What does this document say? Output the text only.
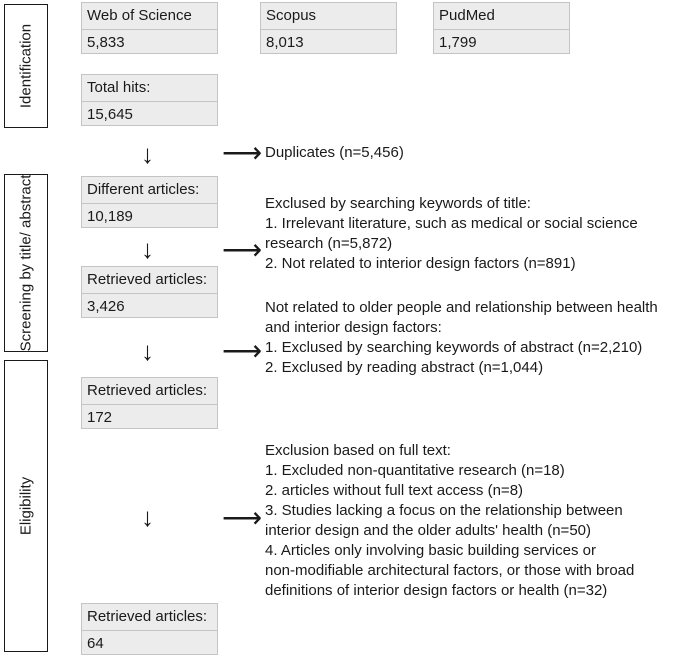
Identification
Screening by title/ abstract
Eligibility
Web of Science
5,833
Scopus
8,013
PudMed
1,799
Total hits:
15,645
↓ ⟶ Duplicates (n=5,456)
Different articles:
10,189
↓ ⟶
Exclused by searching keywords of title:
1. Irrelevant literature, such as medical or social science
research (n=5,872)
2. Not related to interior design factors (n=891)
Retrieved articles:
3,426
↓ ⟶
Not related to older people and relationship between health
and interior design factors:
1. Exclused by searching keywords of abstract (n=2,210)
2. Exclused by reading abstract (n=1,044)
Retrieved articles:
172
↓ ⟶
Exclusion based on full text:
1. Excluded non-quantitative research (n=18)
2. articles without full text access (n=8)
3. Studies lacking a focus on the relationship between
interior design and the older adults' health (n=50)
4. Articles only involving basic building services or
non-modifiable architectural factors, or those with broad
definitions of interior design factors or health (n=32)
Retrieved articles:
64
